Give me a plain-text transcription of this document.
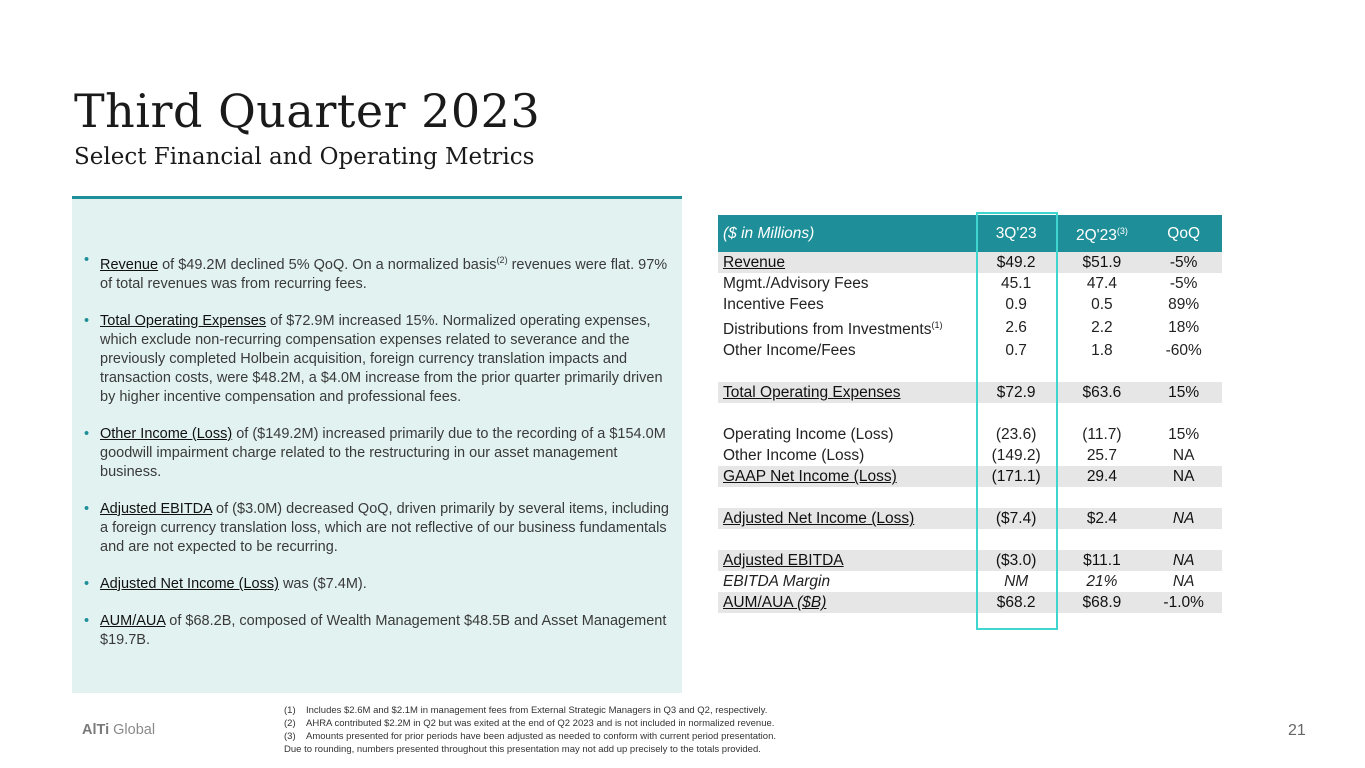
Third Quarter 2023
Select Financial and Operating Metrics
• Revenue of $49.2M declined 5% QoQ. On a normalized basis$^{(2)}$ revenues were flat. 97% of total revenues was from recurring fees.
• Total Operating Expenses of $72.9M increased 15%. Normalized operating expenses, which exclude non-recurring compensation expenses related to severance and the previously completed Holbein acquisition, foreign currency translation impacts and transaction costs, were $48.2M, a $4.0M increase from the prior quarter primarily driven by higher incentive compensation and professional fees.
• Other Income (Loss) of ($149.2M) increased primarily due to the recording of a $154.0M goodwill impairment charge related to the restructuring in our asset management business.
• Adjusted EBITDA of ($3.0M) decreased QoQ, driven primarily by several items, including a foreign currency translation loss, which are not reflective of our business fundamentals and are not expected to be recurring.
• Adjusted Net Income (Loss) was ($7.4M).
• AUM/AUA of $68.2B, composed of Wealth Management $48.5B and Asset Management $19.7B.
($ in Millions)	3Q'23	2Q'23$^{(3)}$	QoQ
Revenue	$49.2	$51.9	-5%
Mgmt./Advisory Fees	45.1	47.4	-5%
Incentive Fees	0.9	0.5	89%
Distributions from Investments$^{(1)}$	2.6	2.2	18%
Other Income/Fees	0.7	1.8	-60%

Total Operating Expenses	$72.9	$63.6	15%

Operating Income (Loss)	(23.6)	(11.7)	15%
Other Income (Loss)	(149.2)	25.7	NA
GAAP Net Income (Loss)	(171.1)	29.4	NA

Adjusted Net Income (Loss)	($7.4)	$2.4	NA

Adjusted EBITDA	($3.0)	$11.1	NA
EBITDA Margin	NM	21%	NA
AUM/AUA ($B)	$68.2	$68.9	-1.0%
AlTi Global
(1) Includes $2.6M and $2.1M in management fees from External Strategic Managers in Q3 and Q2, respectively.
(2) AHRA contributed $2.2M in Q2 but was exited at the end of Q2 2023 and is not included in normalized revenue.
(3) Amounts presented for prior periods have been adjusted as needed to conform with current period presentation.
Due to rounding, numbers presented throughout this presentation may not add up precisely to the totals provided.
21
